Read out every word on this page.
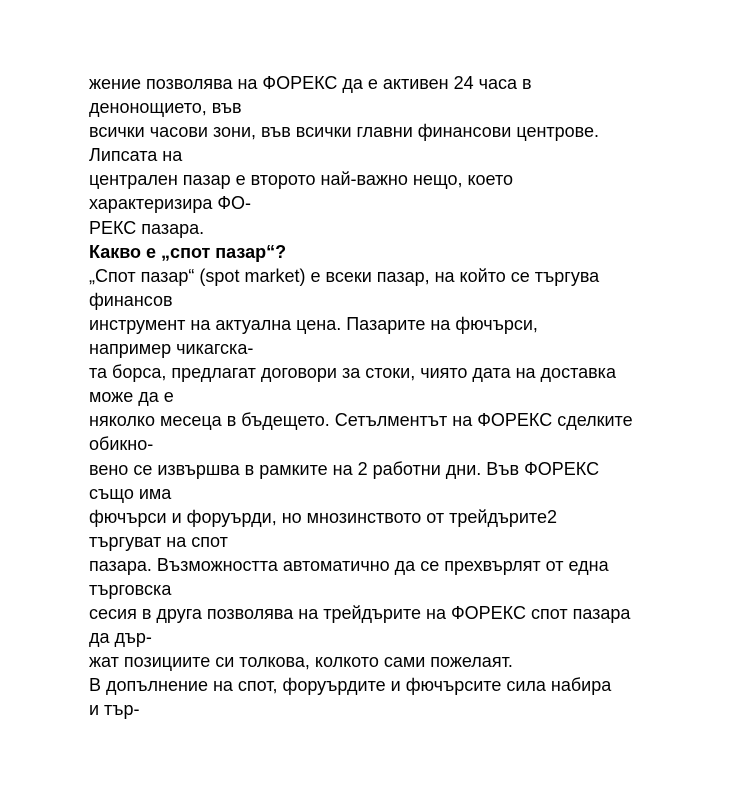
жение позволява на ФОРЕКС да е активен 24 часа в
денонощието, във
всички часови зони, във всички главни финансови центрове.
Липсата на
централен пазар е второто най-важно нещо, което
характеризира ФО-
РЕКС пазара.
Какво е „спот пазар“?
„Спот пазар“ (spot market) е всеки пазар, на който се търгува
финансов
инструмент на актуална цена. Пазарите на фючърси,
например чикагска-
та борса, предлагат договори за стоки, чиято дата на доставка
може да е
няколко месеца в бъдещето. Сетълментът на ФОРЕКС сделките
обикно-
вено се извършва в рамките на 2 работни дни. Във ФОРЕКС
също има
фючърси и форуърди, но мнозинството от трейдърите2
търгуват на спот
пазара. Възможността автоматично да се прехвърлят от една
търговска
сесия в друга позволява на трейдърите на ФОРЕКС спот пазара
да дър-
жат позициите си толкова, колкото сами пожелаят.
В допълнение на спот, форуърдите и фючърсите сила набира
и тър-
